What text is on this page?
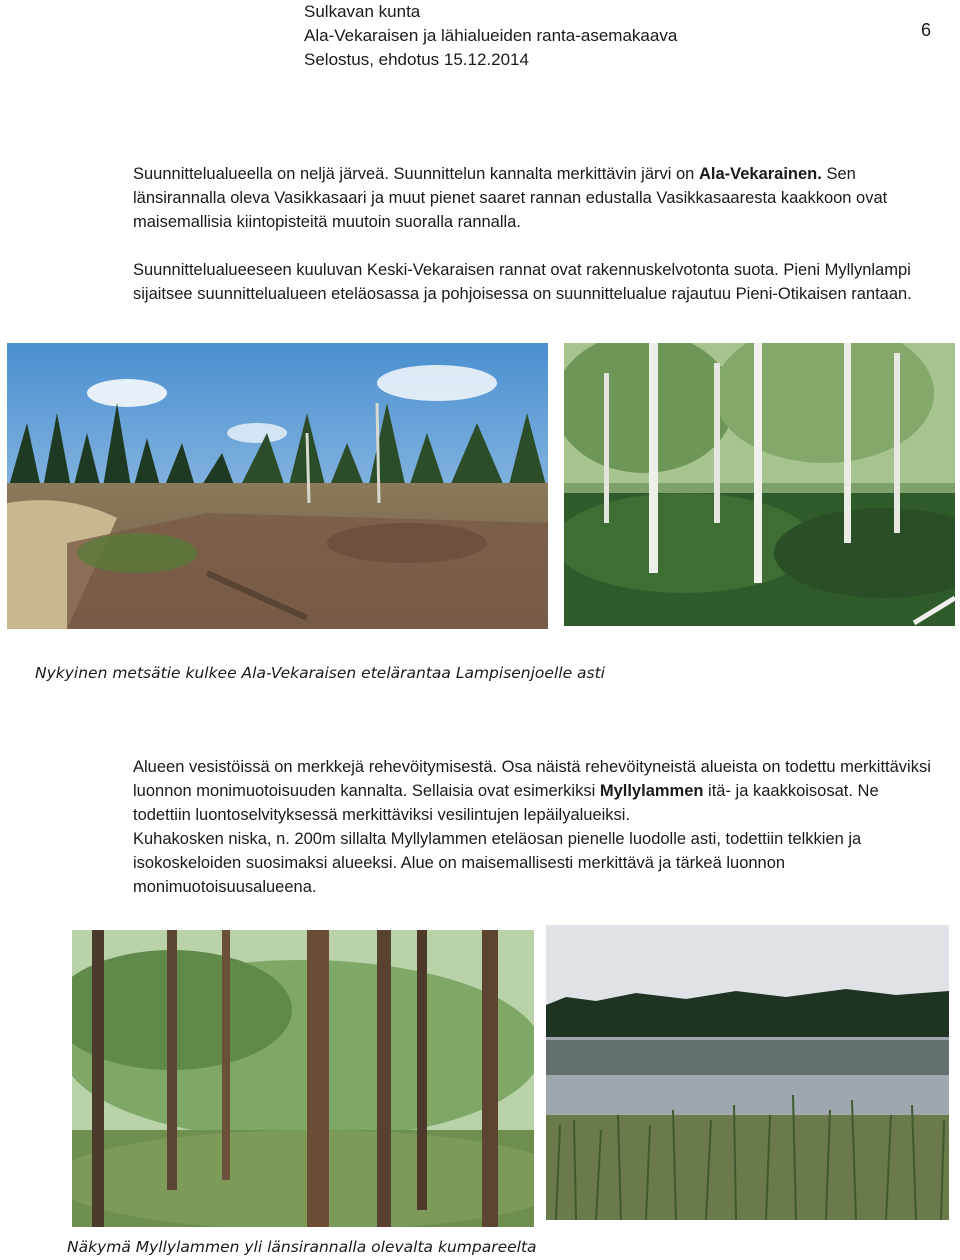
Sulkavan kunta
Ala-Vekaraisen ja lähialueiden ranta-asemakaava
Selostus, ehdotus 15.12.2014
6
Suunnittelualueella on neljä järveä. Suunnittelun kannalta merkittävin järvi on Ala-Vekarainen. Sen länsirannalla oleva Vasikkasaari ja muut pienet saaret rannan edustalla Vasikkasaaresta kaakkoon ovat maisemallisia kiintopisteitä muutoin suoralla rannalla.
Suunnittelualueeseen kuuluvan Keski-Vekaraisen rannat ovat rakennuskelvotonta suota. Pieni Myllynlampi sijaitsee suunnittelualueen eteläosassa ja pohjoisessa on suunnittelualue rajautuu Pieni-Otikaisen rantaan.
Nykyinen metsätie kulkee Ala-Vekaraisen etelärantaa Lampisenjoelle asti
Alueen vesistöissä on merkkejä rehevöitymisestä. Osa näistä rehevöityneistä alueista on todettu merkittäviksi luonnon monimuotoisuuden kannalta. Sellaisia ovat esimerkiksi Myllylammen itä- ja kaakkoisosat. Ne todettiin luontoselvityksessä merkittäviksi vesilintujen lepäilyalueiksi.
Kuhakosken niska, n. 200m sillalta Myllylammen eteläosan pienelle luodolle asti, todettiin telkkien ja isokoskeloiden suosimaksi alueeksi. Alue on maisemallisesti merkittävä ja tärkeä luonnon monimuotoisuusalueena.
Näkymä Myllylammen yli länsirannalla olevalta kumpareelta
